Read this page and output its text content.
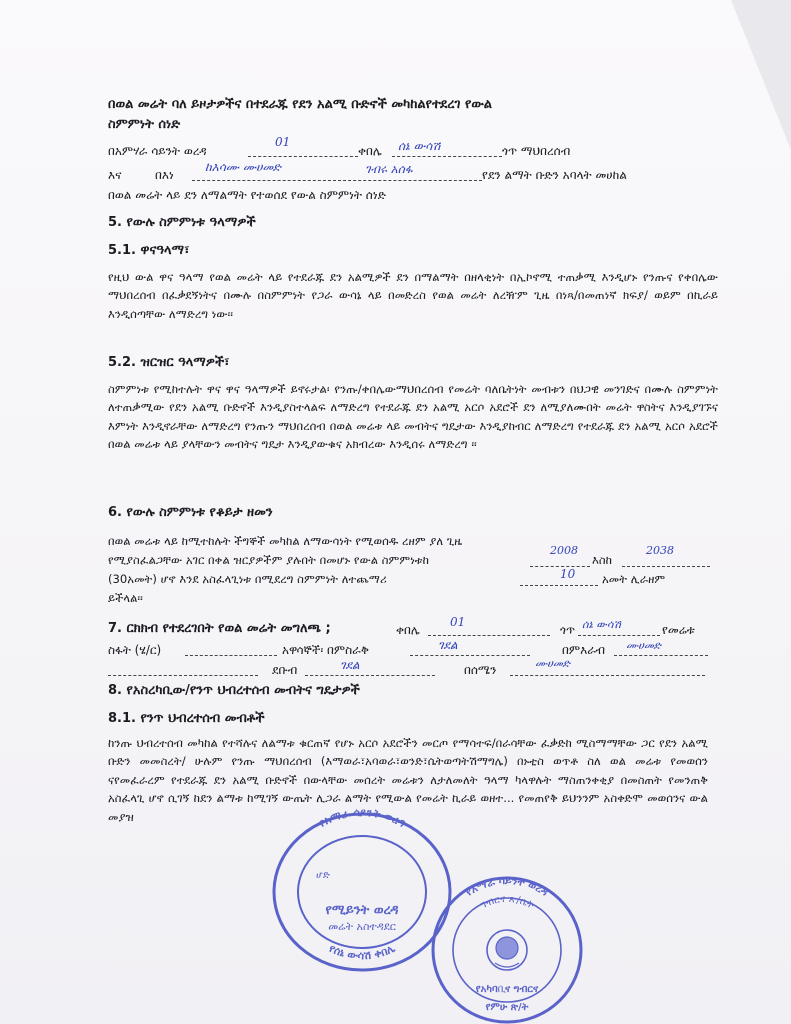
በወል መሬት ባለ ይዞታዎችና በተደራጁ የደን አልሚ ቡድኖች መካከልየተደረገ የውል
ስምምነት ሰነድ
በአምሃራ ሳይንት ወረዳ
01
ቀበሌ ሰኔ ውሳሽ	ጎጥ ማህበረሰብ
እና	በእነ
ከእሳሙ ሙሀመድ	ገብሩ አሰፋ	የደን ልማት ቡድን አባላት መሀከል
በወል መሬት ላይ ደን ለማልማት የተወሰደ የውል ስምምነት ሰነድ
5. የውሉ ስምምነቱ ዓላማዎች
5.1. ዋናዓላማ፣

የዚህ ውል ዋና ዓላማ የወል መሬት ላይ የተደራጁ ደን አልሚዎች ደን በማልማት በዘላቂነት በኢኮኖሚ ተጠቃሚ እንዲሆኑ የንጡና የቀበሌው ማህበረሰብ በፈቃደኝነትና በሙሉ በስምምነት የጋራ ውሳኔ ላይ በመድረስ የወል መሬት ለረዥም ጊዜ በነጻ/በመጠነኛ ክፍያ/ ወይም በኪራይ እንዲሰጣቸው ለማድረግ ነው፡፡

5.2. ዝርዝር ዓላማዎች፣

ስምምነቱ የሚከተሉት ዋና ዋና ዓላማዎች ይኖሩታል፡ የንጡ/ቀበሌውማህበረሰብ የመሬት ባለቤትነት መብቱን በህጋዊ መንገድና በሙሉ ስምምነት ለተጠቃሚው የደን አልሚ ቡድኖች እንዲያስተላልፍ ለማድረግ የተደራጁ ደን አልሚ አርሶ አደሮች ደን ለሚያለሙበት መሬት ዋስትና እንዲያገኙና እምነት እንዲኖራቸው ለማድረግ የንጡን ማህበረሰብ በወል መሬቱ ላይ መብትና ግዴታው እንዲያከብር ለማድረግ የተደራጁ ደን አልሚ አርሶ አደሮች በወል መሬቱ ላይ ያላቸውን መብትና ግዴታ እንዲያውቁና አክብረው እንዲሰሩ ለማድረግ ፡፡

6. የውሉ ስምምነቱ የቆይታ ዘመን
በወል መሬቱ ላይ ከሚተከሉት ችግኞች መካከል ለማውሳነት የሚወሰዱ ረዘም ያለ ጊዜ
የሚያስፈልጋቸው አገር በቀል ዝርያዎችም ያሉበት በመሆኑ የውል ስምምነቱከ
2008
እስከ
2038
(30አመት) ሆኖ እንደ አስፈላጊነቱ በሚደረግ ስምምነት ለተጨማሪ	10 አመት ሊራዘም
ይችላል፡፡
7. ርክክብ የተደረገበት የወል መሬት መግለጫ ;	ቀበሌ
01
ጎጥ ሰኔ ውሳሽ	የመሬቱ
ስፋት (ሄ/ር)	አዋሳኞች፡ በምስራቅ	ገደል	በምእራብ ሙሀመድ
ደቡብ	ገደል	በሰሜን	ሙሀመድ
8. የአስረካቢው/የንጥ ህብረተሰብ መብትና ግዴታዎች
8.1. የንጥ ህብረተሰብ መብቶች

ከንጡ ህብረተሰብ መካከል የተሻሉና ለልማቱ ቁርጠኛ የሆኑ አርሶ አደሮችን መርጦ የማሳተፍ/በራሳቸው ፈቃድከ ሚስማማቸው ጋር የደን አልሚ ቡድን መመስረት/ ሁሉም የንጡ ማህበረሰብ (እማወራ፣አባወራ፣ወንድ፣ሴትወጣትሽማግሌ) በኑቲስ ወጥቶ ስለ ወል መሬቱ የመወሰን ናየመፈራረም የተደራጁ ደን አልሚ ቡድኖች በውላቸው መሰረት መሬቱን ለታለመለት ዓላማ ካላዋሉት ማስጠንቀቂያ በመስጠት የመንጠቅ አስፈላጊ ሆኖ ሲገኝ ከደን ልማቱ ከሚገኝ ውጤት ሊጋራ ልማት የሚውል የመሬት ኪራይ ወዘተ... የመጠየቅ ይህንንም አስቀድሞ መወሰንና ውል መያዝ	የአማራ ሳይንት ወረዳ
የሰኔ ውሳሽ ቀበሌ
ሆድ
የሚይንት ወረዳ
መሬት አስተዳደር
የአማራ ሳይንት ወረዳ
ግብርና ጽ/ቤት
የአካባቢና ግብርና
የምሁ ጽ/ት
